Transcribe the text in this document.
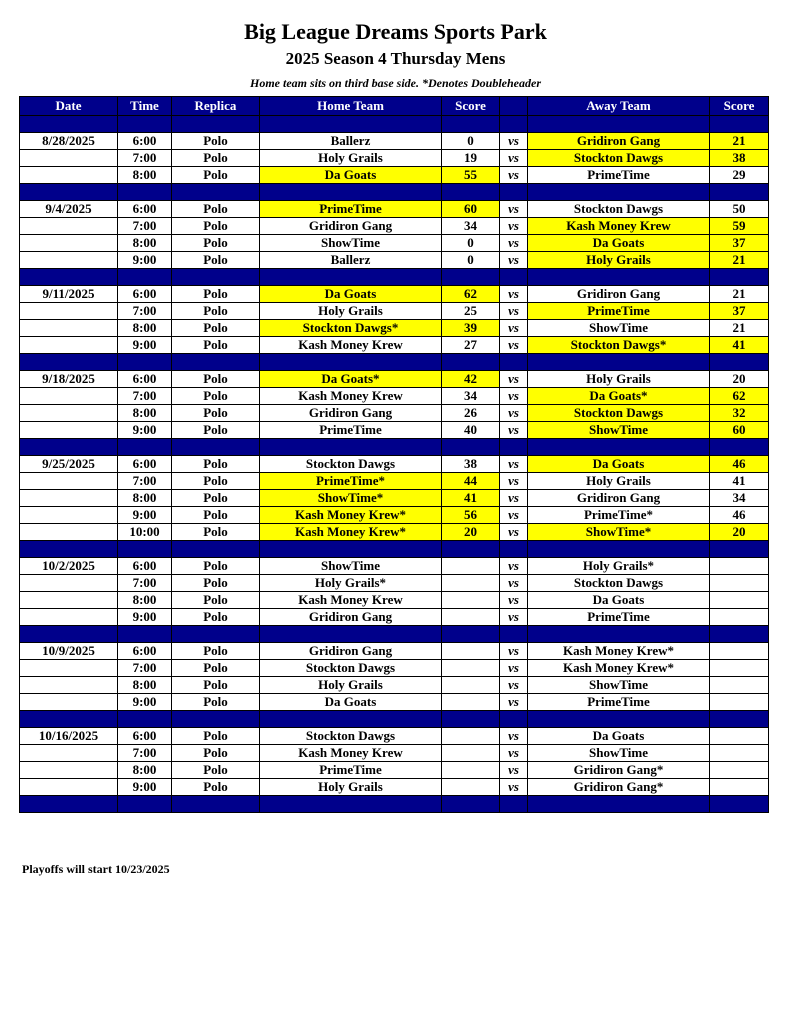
Big League Dreams Sports Park
2025 Season 4 Thursday Mens
Home team sits on third base side. *Denotes Doubleheader
Date	Time	Replica	Home Team	Score		Away Team	Score

8/28/2025	6:00	Polo	Ballerz	0	vs	Gridiron Gang	21
	7:00	Polo	Holy Grails	19	vs	Stockton Dawgs	38
	8:00	Polo	Da Goats	55	vs	PrimeTime	29

9/4/2025	6:00	Polo	PrimeTime	60	vs	Stockton Dawgs	50
	7:00	Polo	Gridiron Gang	34	vs	Kash Money Krew	59
	8:00	Polo	ShowTime	0	vs	Da Goats	37
	9:00	Polo	Ballerz	0	vs	Holy Grails	21

9/11/2025	6:00	Polo	Da Goats	62	vs	Gridiron Gang	21
	7:00	Polo	Holy Grails	25	vs	PrimeTime	37
	8:00	Polo	Stockton Dawgs*	39	vs	ShowTime	21
	9:00	Polo	Kash Money Krew	27	vs	Stockton Dawgs*	41

9/18/2025	6:00	Polo	Da Goats*	42	vs	Holy Grails	20
	7:00	Polo	Kash Money Krew	34	vs	Da Goats*	62
	8:00	Polo	Gridiron Gang	26	vs	Stockton Dawgs	32
	9:00	Polo	PrimeTime	40	vs	ShowTime	60

9/25/2025	6:00	Polo	Stockton Dawgs	38	vs	Da Goats	46
	7:00	Polo	PrimeTime*	44	vs	Holy Grails	41
	8:00	Polo	ShowTime*	41	vs	Gridiron Gang	34
	9:00	Polo	Kash Money Krew*	56	vs	PrimeTime*	46
	10:00	Polo	Kash Money Krew*	20	vs	ShowTime*	20

10/2/2025	6:00	Polo	ShowTime		vs	Holy Grails*	
	7:00	Polo	Holy Grails*		vs	Stockton Dawgs	
	8:00	Polo	Kash Money Krew		vs	Da Goats	
	9:00	Polo	Gridiron Gang		vs	PrimeTime	

10/9/2025	6:00	Polo	Gridiron Gang		vs	Kash Money Krew*	
	7:00	Polo	Stockton Dawgs		vs	Kash Money Krew*	
	8:00	Polo	Holy Grails		vs	ShowTime	
	9:00	Polo	Da Goats		vs	PrimeTime	

10/16/2025	6:00	Polo	Stockton Dawgs		vs	Da Goats	
	7:00	Polo	Kash Money Krew		vs	ShowTime	
	8:00	Polo	PrimeTime		vs	Gridiron Gang*	
	9:00	Polo	Holy Grails		vs	Gridiron Gang*	

Playoffs will start 10/23/2025
